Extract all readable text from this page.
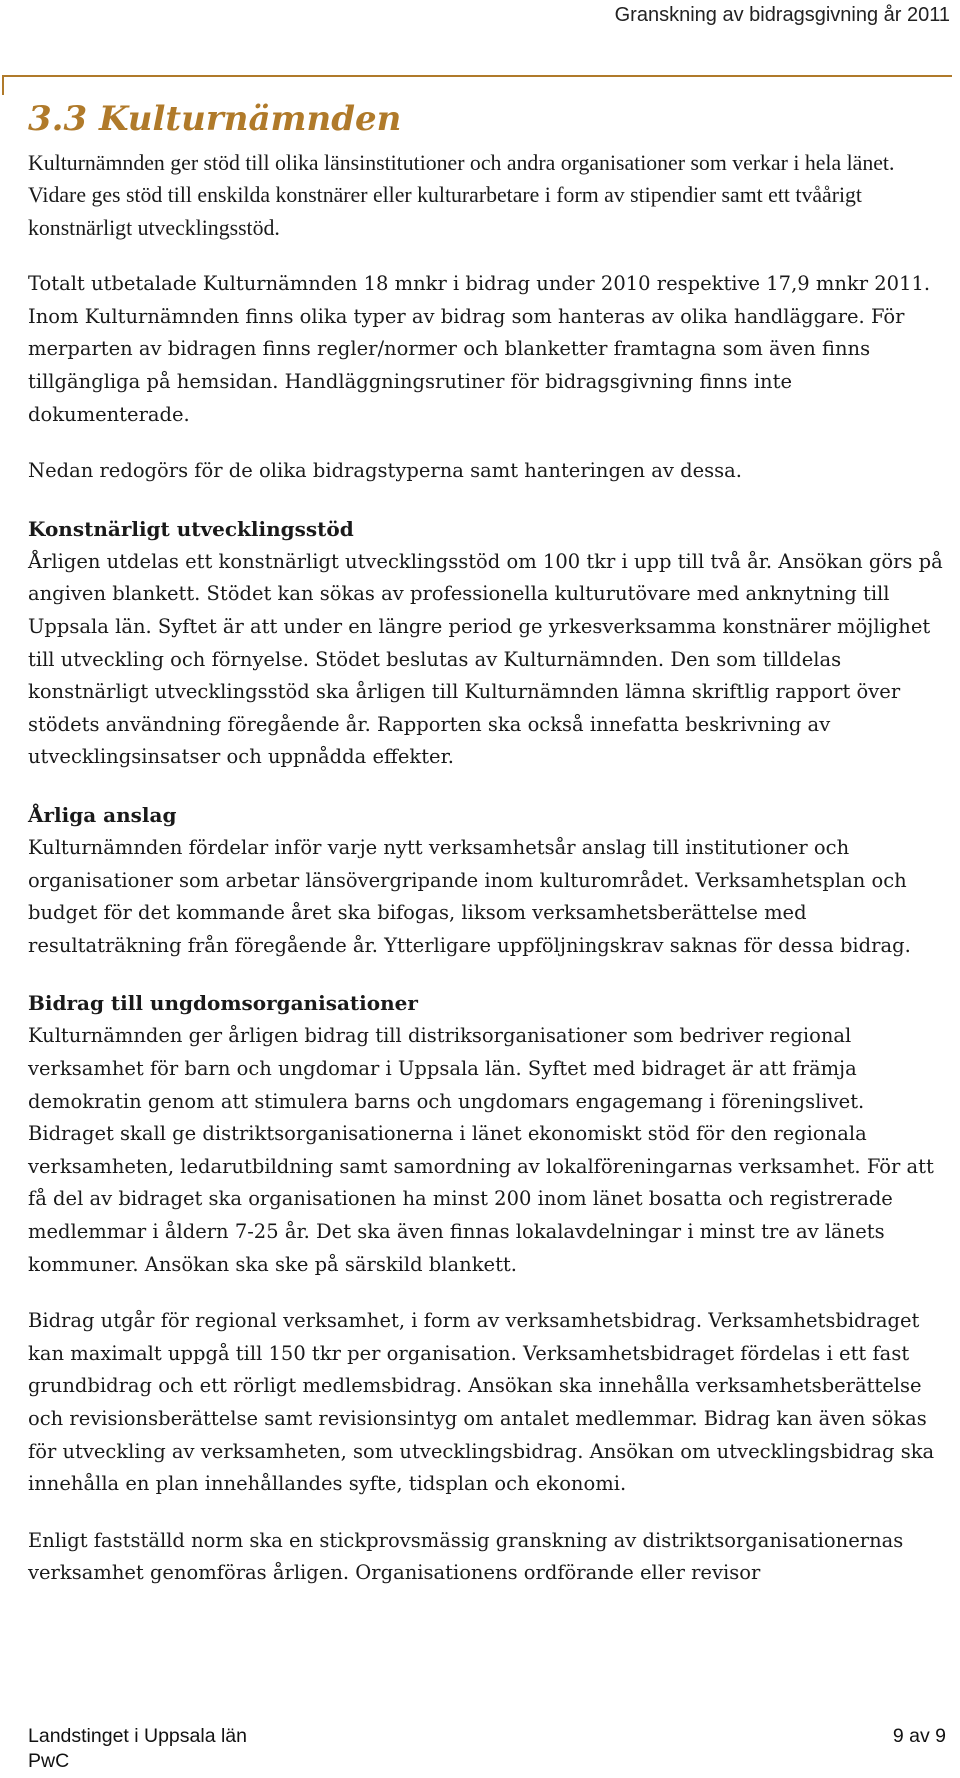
Granskning av bidragsgivning år 2011
3.3 Kulturnämnden

Kulturnämnden ger stöd till olika länsinstitutioner och andra organisationer som verkar i hela länet. Vidare ges stöd till enskilda konstnärer eller kulturarbetare i form av stipendier samt ett tvåårigt konstnärligt utvecklingsstöd.

Totalt utbetalade Kulturnämnden 18 mnkr i bidrag under 2010 respektive 17,9 mnkr 2011. Inom Kulturnämnden finns olika typer av bidrag som hanteras av olika handläggare. För merparten av bidragen finns regler/normer och blanketter framtagna som även finns tillgängliga på hemsidan. Handläggningsrutiner för bidragsgivning finns inte dokumenterade.

Nedan redogörs för de olika bidragstyperna samt hanteringen av dessa.

Konstnärligt utvecklingsstöd

Årligen utdelas ett konstnärligt utvecklingsstöd om 100 tkr i upp till två år. Ansökan görs på angiven blankett. Stödet kan sökas av professionella kulturutövare med anknytning till Uppsala län. Syftet är att under en längre period ge yrkesverksamma konstnärer möjlighet till utveckling och förnyelse. Stödet beslutas av Kulturnämnden. Den som tilldelas konstnärligt utvecklingsstöd ska årligen till Kulturnämnden lämna skriftlig rapport över stödets användning föregående år. Rapporten ska också innefatta beskrivning av utvecklingsinsatser och uppnådda effekter.

Årliga anslag

Kulturnämnden fördelar inför varje nytt verksamhetsår anslag till institutioner och organisationer som arbetar länsövergripande inom kulturområdet. Verksamhetsplan och budget för det kommande året ska bifogas, liksom verksamhetsberättelse med resultaträkning från föregående år. Ytterligare uppföljningskrav saknas för dessa bidrag.

Bidrag till ungdomsorganisationer

Kulturnämnden ger årligen bidrag till distriksorganisationer som bedriver regional verksamhet för barn och ungdomar i Uppsala län. Syftet med bidraget är att främja demokratin genom att stimulera barns och ungdomars engagemang i föreningslivet. Bidraget skall ge distriktsorganisationerna i länet ekonomiskt stöd för den regionala verksamheten, ledarutbildning samt samordning av lokalföreningarnas verksamhet. För att få del av bidraget ska organisationen ha minst 200 inom länet bosatta och registrerade medlemmar i åldern 7-25 år. Det ska även finnas lokalavdelningar i minst tre av länets kommuner. Ansökan ska ske på särskild blankett.

Bidrag utgår för regional verksamhet, i form av verksamhetsbidrag. Verksamhetsbidraget kan maximalt uppgå till 150 tkr per organisation. Verksamhetsbidraget fördelas i ett fast grundbidrag och ett rörligt medlemsbidrag. Ansökan ska innehålla verksamhetsberättelse och revisionsberättelse samt revisionsintyg om antalet medlemmar. Bidrag kan även sökas för utveckling av verksamheten, som utvecklingsbidrag. Ansökan om utvecklingsbidrag ska innehålla en plan innehållandes syfte, tidsplan och ekonomi.

Enligt fastställd norm ska en stickprovsmässig granskning av distriktsorganisationernas verksamhet genomföras årligen. Organisationens ordförande eller revisor

Landstinget i Uppsala län	9 av 9
PwC
